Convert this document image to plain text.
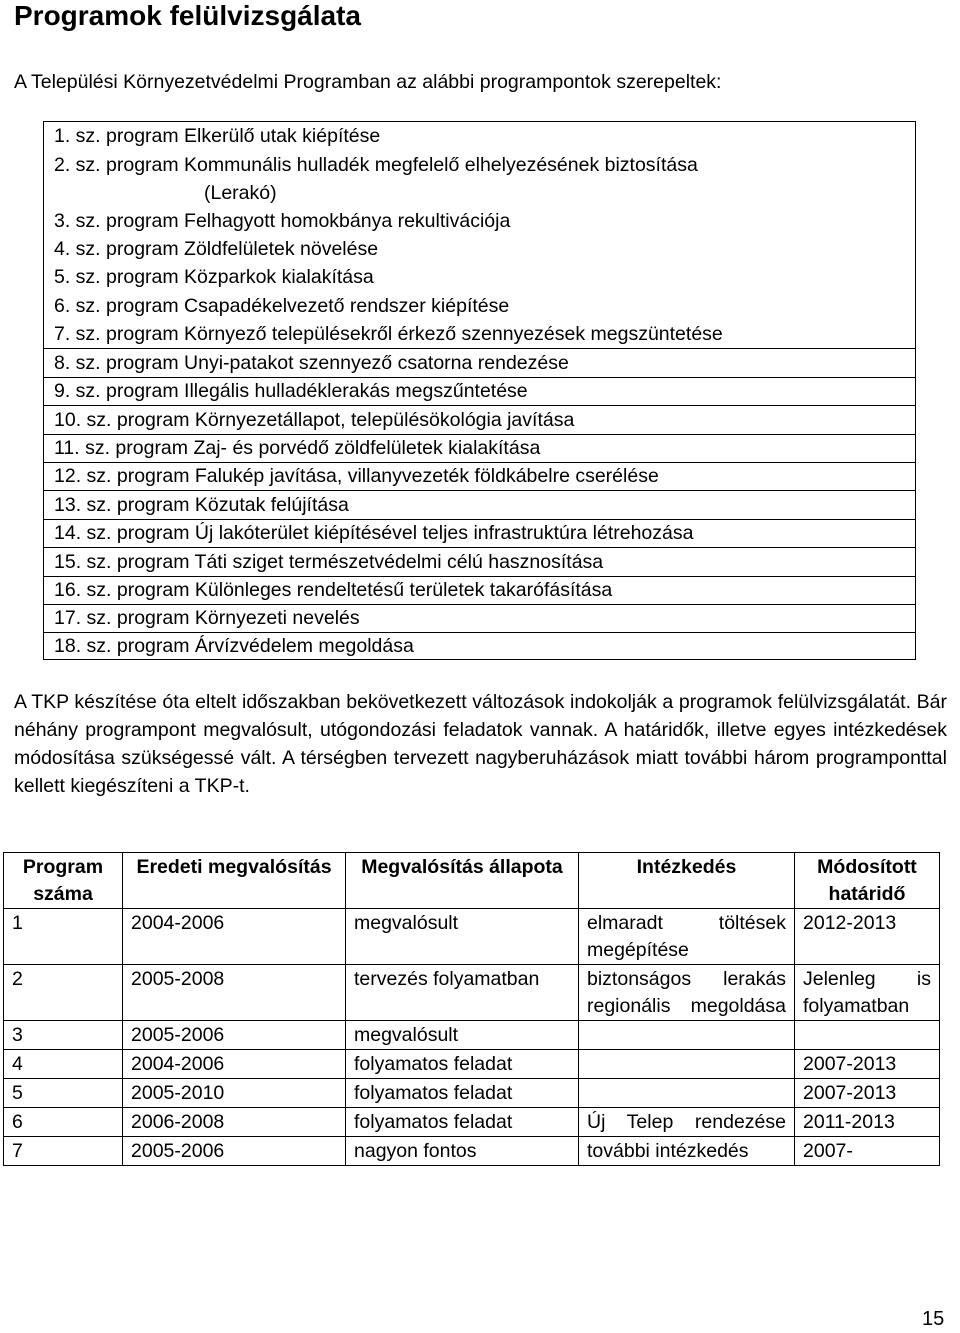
Programok felülvizsgálata

A Települési Környezetvédelmi Programban az alábbi programpontok szerepeltek:

1. sz. program Elkerülő utak kiépítése
2. sz. program Kommunális hulladék megfelelő elhelyezésének biztosítása
(Lerakó)
3. sz. program Felhagyott homokbánya rekultivációja
4. sz. program Zöldfelületek növelése
5. sz. program Közparkok kialakítása
6. sz. program Csapadékelvezető rendszer kiépítése
7. sz. program Környező településekről érkező szennyezések megszüntetése
8. sz. program Unyi-patakot szennyező csatorna rendezése
9. sz. program Illegális hulladéklerakás megszűntetése
10. sz. program Környezetállapot, településökológia javítása
11. sz. program Zaj- és porvédő zöldfelületek kialakítása
12. sz. program Falukép javítása, villanyvezeték földkábelre cserélése
13. sz. program Közutak felújítása
14. sz. program Új lakóterület kiépítésével teljes infrastruktúra létrehozása
15. sz. program Táti sziget természetvédelmi célú hasznosítása
16. sz. program Különleges rendeltetésű területek takarófásítása
17. sz. program Környezeti nevelés
18. sz. program Árvízvédelem megoldása

A TKP készítése óta eltelt időszakban bekövetkezett változások indokolják a programok felülvizsgálatát. Bár néhány programpont megvalósult, utógondozási feladatok vannak. A határidők, illetve egyes intézkedések módosítása szükségessé vált. A térségben tervezett nagyberuházások miatt további három programponttal kellett kiegészíteni a TKP-t.

Program száma	Eredeti megvalósítás	Megvalósítás állapota	Intézkedés	Módosított határidő
1	2004-2006	megvalósult	elmaradt töltések megépítése	2012-2013
2	2005-2008	tervezés folyamatban	biztonságos lerakás regionális megoldása	Jelenleg is folyamatban
3	2005-2006	megvalósult		
4	2004-2006	folyamatos feladat		2007-2013
5	2005-2010	folyamatos feladat		2007-2013
6	2006-2008	folyamatos feladat	Új Telep rendezése	2011-2013
7	2005-2006	nagyon fontos	további intézkedés	2007-
15
